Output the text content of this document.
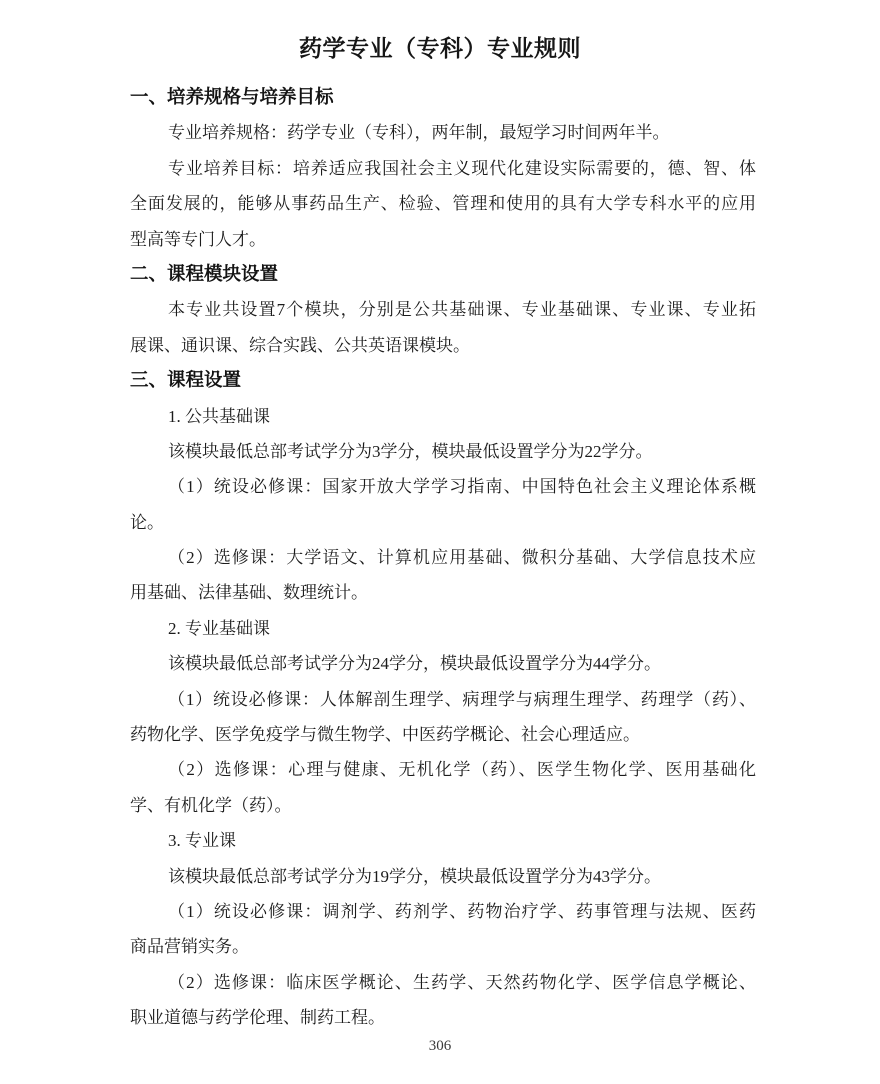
药学专业（专科）专业规则
一、培养规格与培养目标
专业培养规格：药学专业（专科），两年制，最短学习时间两年半。
专业培养目标：培养适应我国社会主义现代化建设实际需要的，德、智、体
全面发展的，能够从事药品生产、检验、管理和使用的具有大学专科水平的应用
型高等专门人才。
二、课程模块设置
本专业共设置7个模块，分别是公共基础课、专业基础课、专业课、专业拓
展课、通识课、综合实践、公共英语课模块。
三、课程设置
1. 公共基础课
该模块最低总部考试学分为3学分，模块最低设置学分为22学分。
（1）统设必修课：国家开放大学学习指南、中国特色社会主义理论体系概
论。
（2）选修课：大学语文、计算机应用基础、微积分基础、大学信息技术应
用基础、法律基础、数理统计。
2. 专业基础课
该模块最低总部考试学分为24学分，模块最低设置学分为44学分。
（1）统设必修课：人体解剖生理学、病理学与病理生理学、药理学（药）、
药物化学、医学免疫学与微生物学、中医药学概论、社会心理适应。
（2）选修课：心理与健康、无机化学（药）、医学生物化学、医用基础化
学、有机化学（药）。
3. 专业课
该模块最低总部考试学分为19学分，模块最低设置学分为43学分。
（1）统设必修课：调剂学、药剂学、药物治疗学、药事管理与法规、医药
商品营销实务。
（2）选修课：临床医学概论、生药学、天然药物化学、医学信息学概论、
职业道德与药学伦理、制药工程。
306
